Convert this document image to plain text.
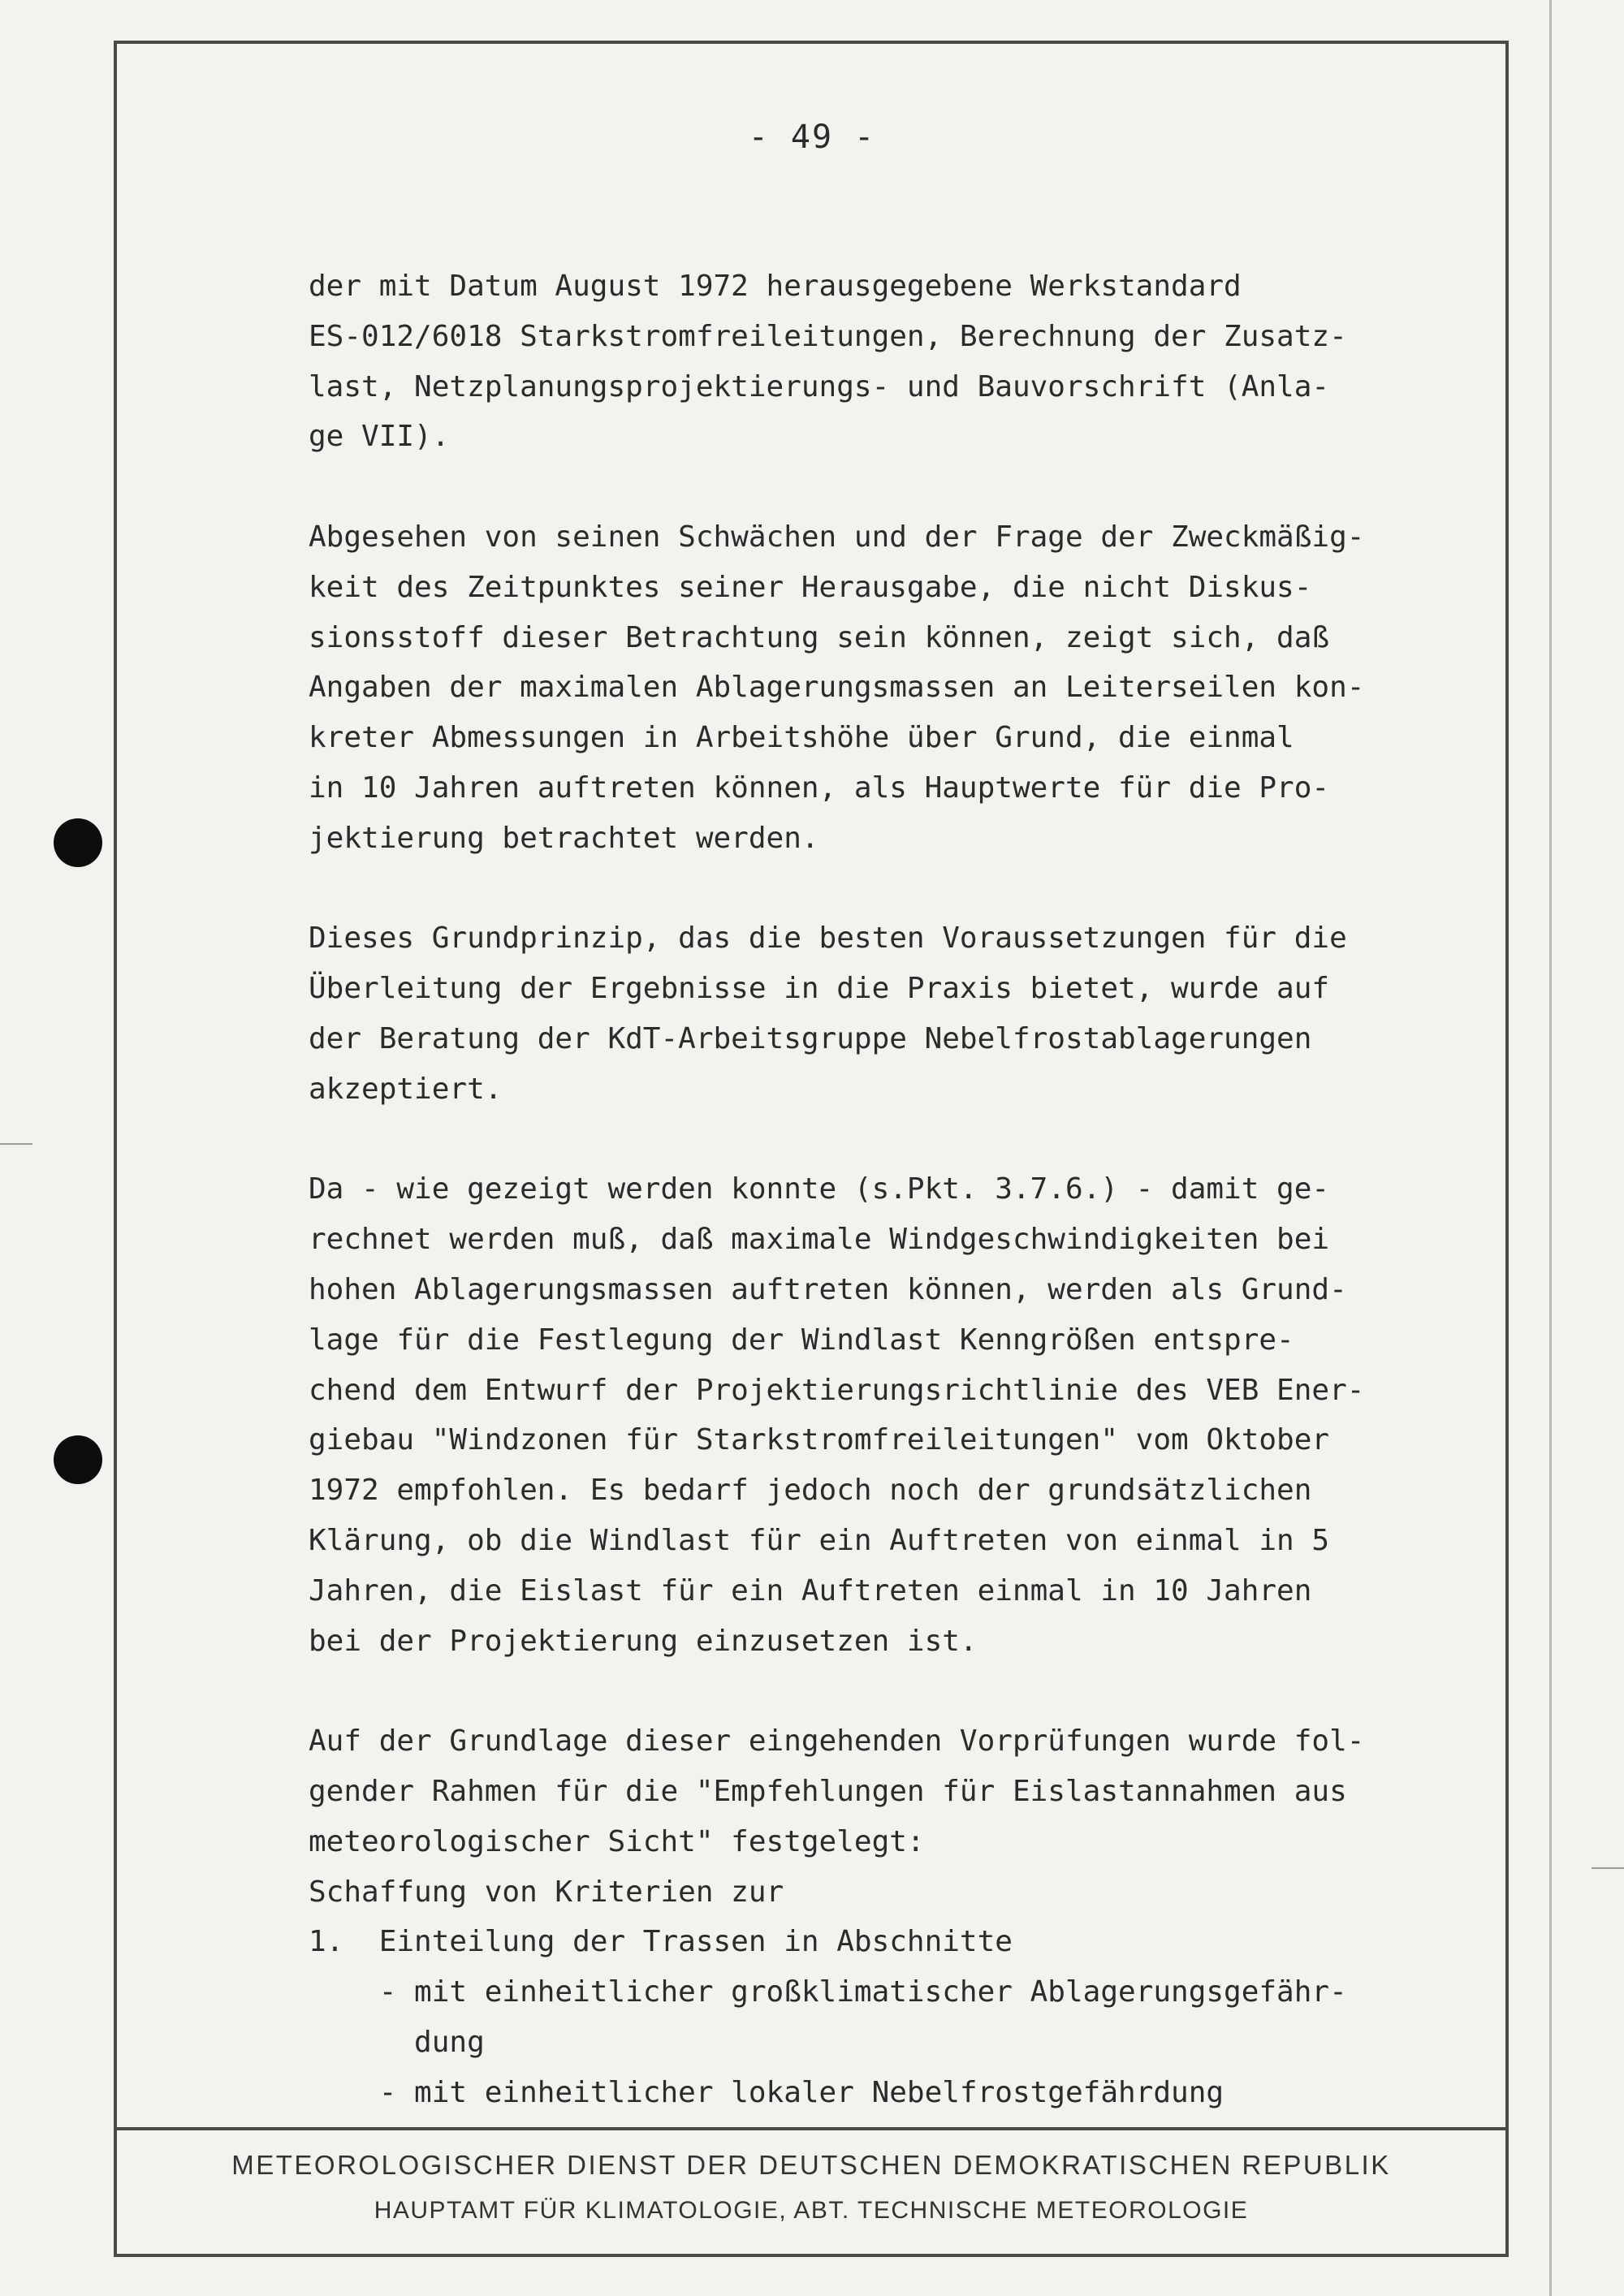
- 49 -
der mit Datum August 1972 herausgegebene Werkstandard
ES-012/6018 Starkstromfreileitungen, Berechnung der Zusatz-
last, Netzplanungsprojektierungs- und Bauvorschrift (Anla-
ge VII).
Abgesehen von seinen Schwächen und der Frage der Zweckmäßig-
keit des Zeitpunktes seiner Herausgabe, die nicht Diskus-
sionsstoff dieser Betrachtung sein können, zeigt sich, daß
Angaben der maximalen Ablagerungsmassen an Leiterseilen kon-
kreter Abmessungen in Arbeitshöhe über Grund, die einmal
in 10 Jahren auftreten können, als Hauptwerte für die Pro-
jektierung betrachtet werden.
Dieses Grundprinzip, das die besten Voraussetzungen für die
Überleitung der Ergebnisse in die Praxis bietet, wurde auf
der Beratung der KdT-Arbeitsgruppe Nebelfrostablagerungen
akzeptiert.
Da - wie gezeigt werden konnte (s.Pkt. 3.7.6.) - damit ge-
rechnet werden muß, daß maximale Windgeschwindigkeiten bei
hohen Ablagerungsmassen auftreten können, werden als Grund-
lage für die Festlegung der Windlast Kenngrößen entspre-
chend dem Entwurf der Projektierungsrichtlinie des VEB Ener-
giebau "Windzonen für Starkstromfreileitungen" vom Oktober
1972 empfohlen. Es bedarf jedoch noch der grundsätzlichen
Klärung, ob die Windlast für ein Auftreten von einmal in 5
Jahren, die Eislast für ein Auftreten einmal in 10 Jahren
bei der Projektierung einzusetzen ist.
Auf der Grundlage dieser eingehenden Vorprüfungen wurde fol-
gender Rahmen für die "Empfehlungen für Eislastannahmen aus
meteorologischer Sicht" festgelegt:
Schaffung von Kriterien zur
1.  Einteilung der Trassen in Abschnitte
- mit einheitlicher großklimatischer Ablagerungsgefähr-
dung
- mit einheitlicher lokaler Nebelfrostgefährdung
METEOROLOGISCHER DIENST DER DEUTSCHEN DEMOKRATISCHEN REPUBLIK
HAUPTAMT FÜR KLIMATOLOGIE, ABT. TECHNISCHE METEOROLOGIE
